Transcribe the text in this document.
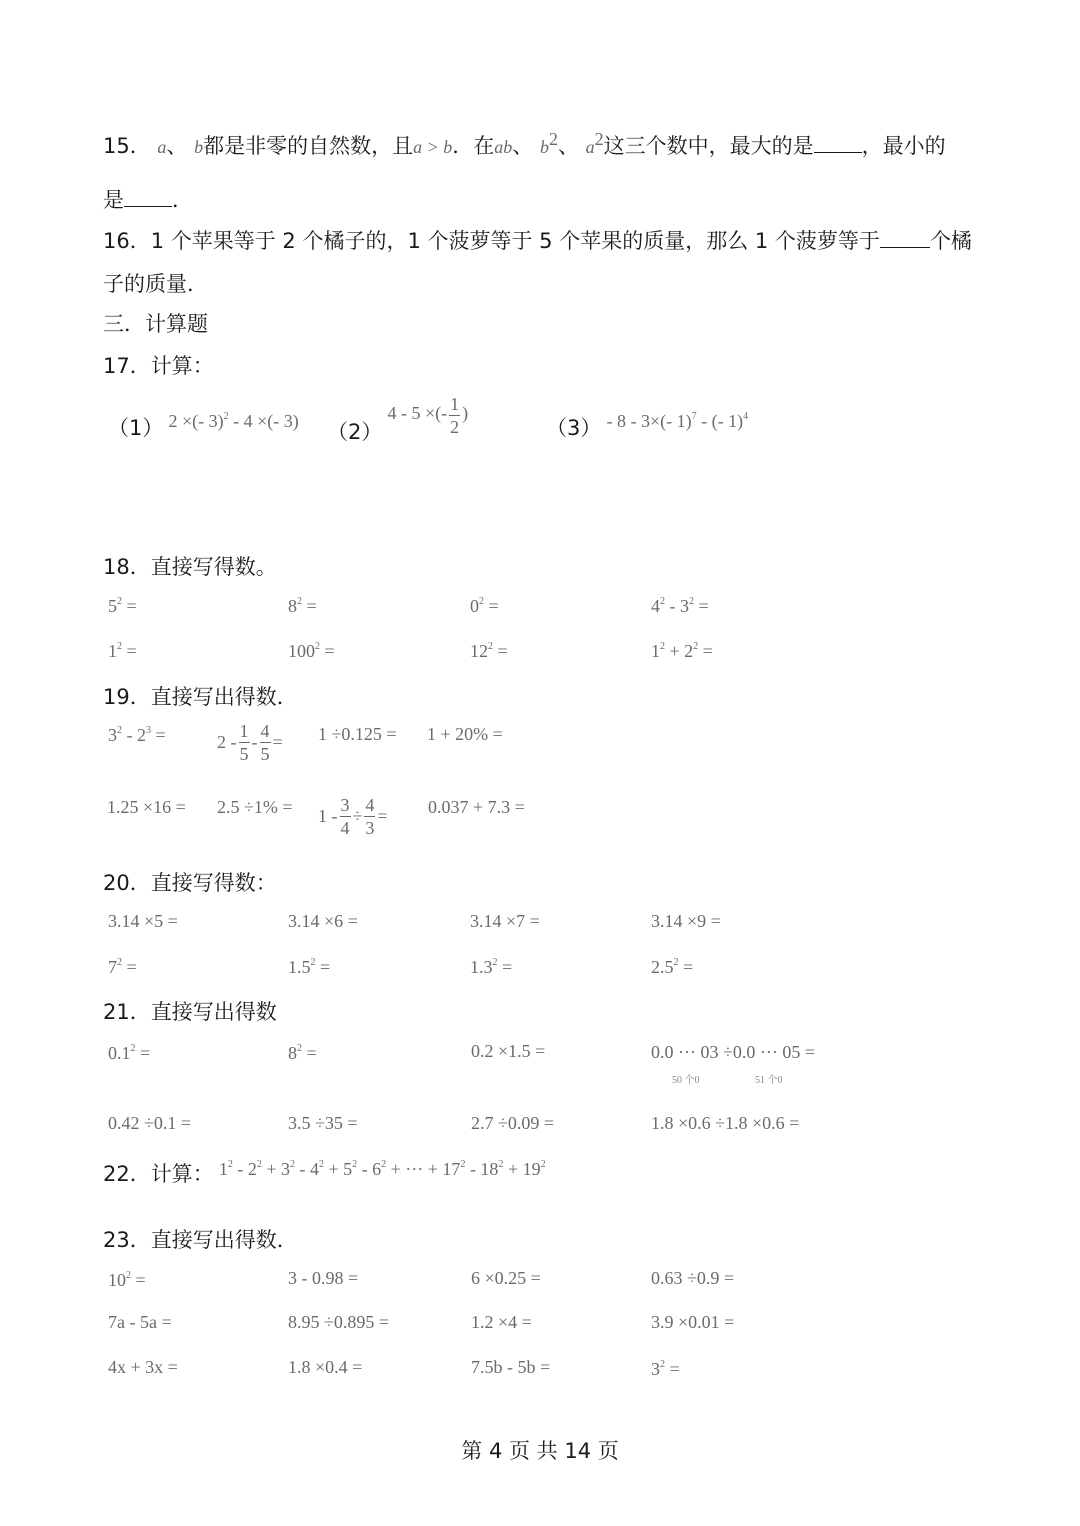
15． a、 b都是非零的自然数，且a > b．在ab、 $b^2$、 $a^2$这三个数中，最大的是 ，最小的
是 ．
16．1 个苹果等于 2 个橘子的，1 个菠萝等于 5 个苹果的质量，那么 1 个菠萝等于 个橘
子的质量．
三．计算题
17．计算：
（1） 2 ×(- 3)$^2$ - 4 ×(- 3) （2）
4 - 5 ×(- $\frac{1}{2}$ )
（3） - 8 - 3×(- 1)$^7$ - (- 1)$^4$
18．直接写得数。
$5^2$ =	$8^2$ =	$0^2$ =	$4^2 - 3^2$ =
$1^2$ =	$100^2$ =	$12^2$ =	$1^2 + 2^2$ =
19．直接写出得数．
$3^2 - 2^3$ =	$2 - \frac{1}{5} - \frac{4}{5} = 1 \div 0.125 = 1 + 20\%$ =
$1.25 \times 16 = 2.5 \div 1\% = 1 - \frac{3}{4} \div \frac{4}{3} = 0.037 + 7.3$ =
20．直接写得数：
3.14 ×5 =	3.14 ×6 =	3.14 ×7 =	3.14 ×9 =
$7^2$ =	$1.5^2$ =	$1.3^2$ =	$2.5^2$ =
21．直接写出得数
$0.1^2$ =	$8^2$ =	0.2 ×1.5 =	0.0 ··· 03 ÷0.0 ··· 05 =
50 个0	51 个0
0.42 ÷0.1 =	3.5 ÷35 =	2.7 ÷0.09 =	1.8 ×0.6 ÷1.8 ×0.6 =
22．计算： $1^2 - 2^2 + 3^2 - 4^2 + 5^2 - 6^2$ + ··· + $17^2 - 18^2 + 19^2$
23．直接写出得数．
$10^2$ =	3 - 0.98 =	6 ×0.25 =	0.63 ÷0.9 =
7a - 5a =	8.95 ÷0.895 =	1.2 ×4 =	3.9 ×0.01 =
4x + 3x =	1.8 ×0.4 =	7.5b - 5b =	$3^2$ =
第 4 页 共 14 页
